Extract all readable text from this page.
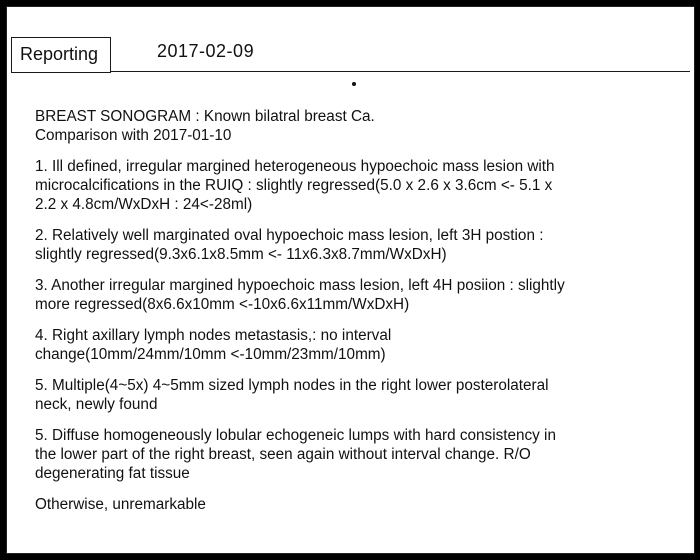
Reporting	2017-02-09

BREAST SONOGRAM : Known bilatral breast Ca.
Comparison with 2017-01-10

1. Ill defined, irregular margined heterogeneous hypoechoic mass lesion with
microcalcifications in the RUIQ : slightly regressed(5.0 x 2.6 x 3.6cm <- 5.1 x
2.2 x 4.8cm/WxDxH : 24<-28ml)

2. Relatively well marginated oval hypoechoic mass lesion, left 3H postion :
slightly regressed(9.3x6.1x8.5mm <- 11x6.3x8.7mm/WxDxH)

3. Another irregular margined hypoechoic mass lesion, left 4H posiion : slightly
more regressed(8x6.6x10mm <-10x6.6x11mm/WxDxH)

4. Right axillary lymph nodes metastasis,: no interval
change(10mm/24mm/10mm <-10mm/23mm/10mm)

5. Multiple(4~5x) 4~5mm sized lymph nodes in the right lower posterolateral
neck, newly found

5. Diffuse homogeneously lobular echogeneic lumps with hard consistency in
the lower part of the right breast, seen again without interval change. R/O
degenerating fat tissue

Otherwise, unremarkable
